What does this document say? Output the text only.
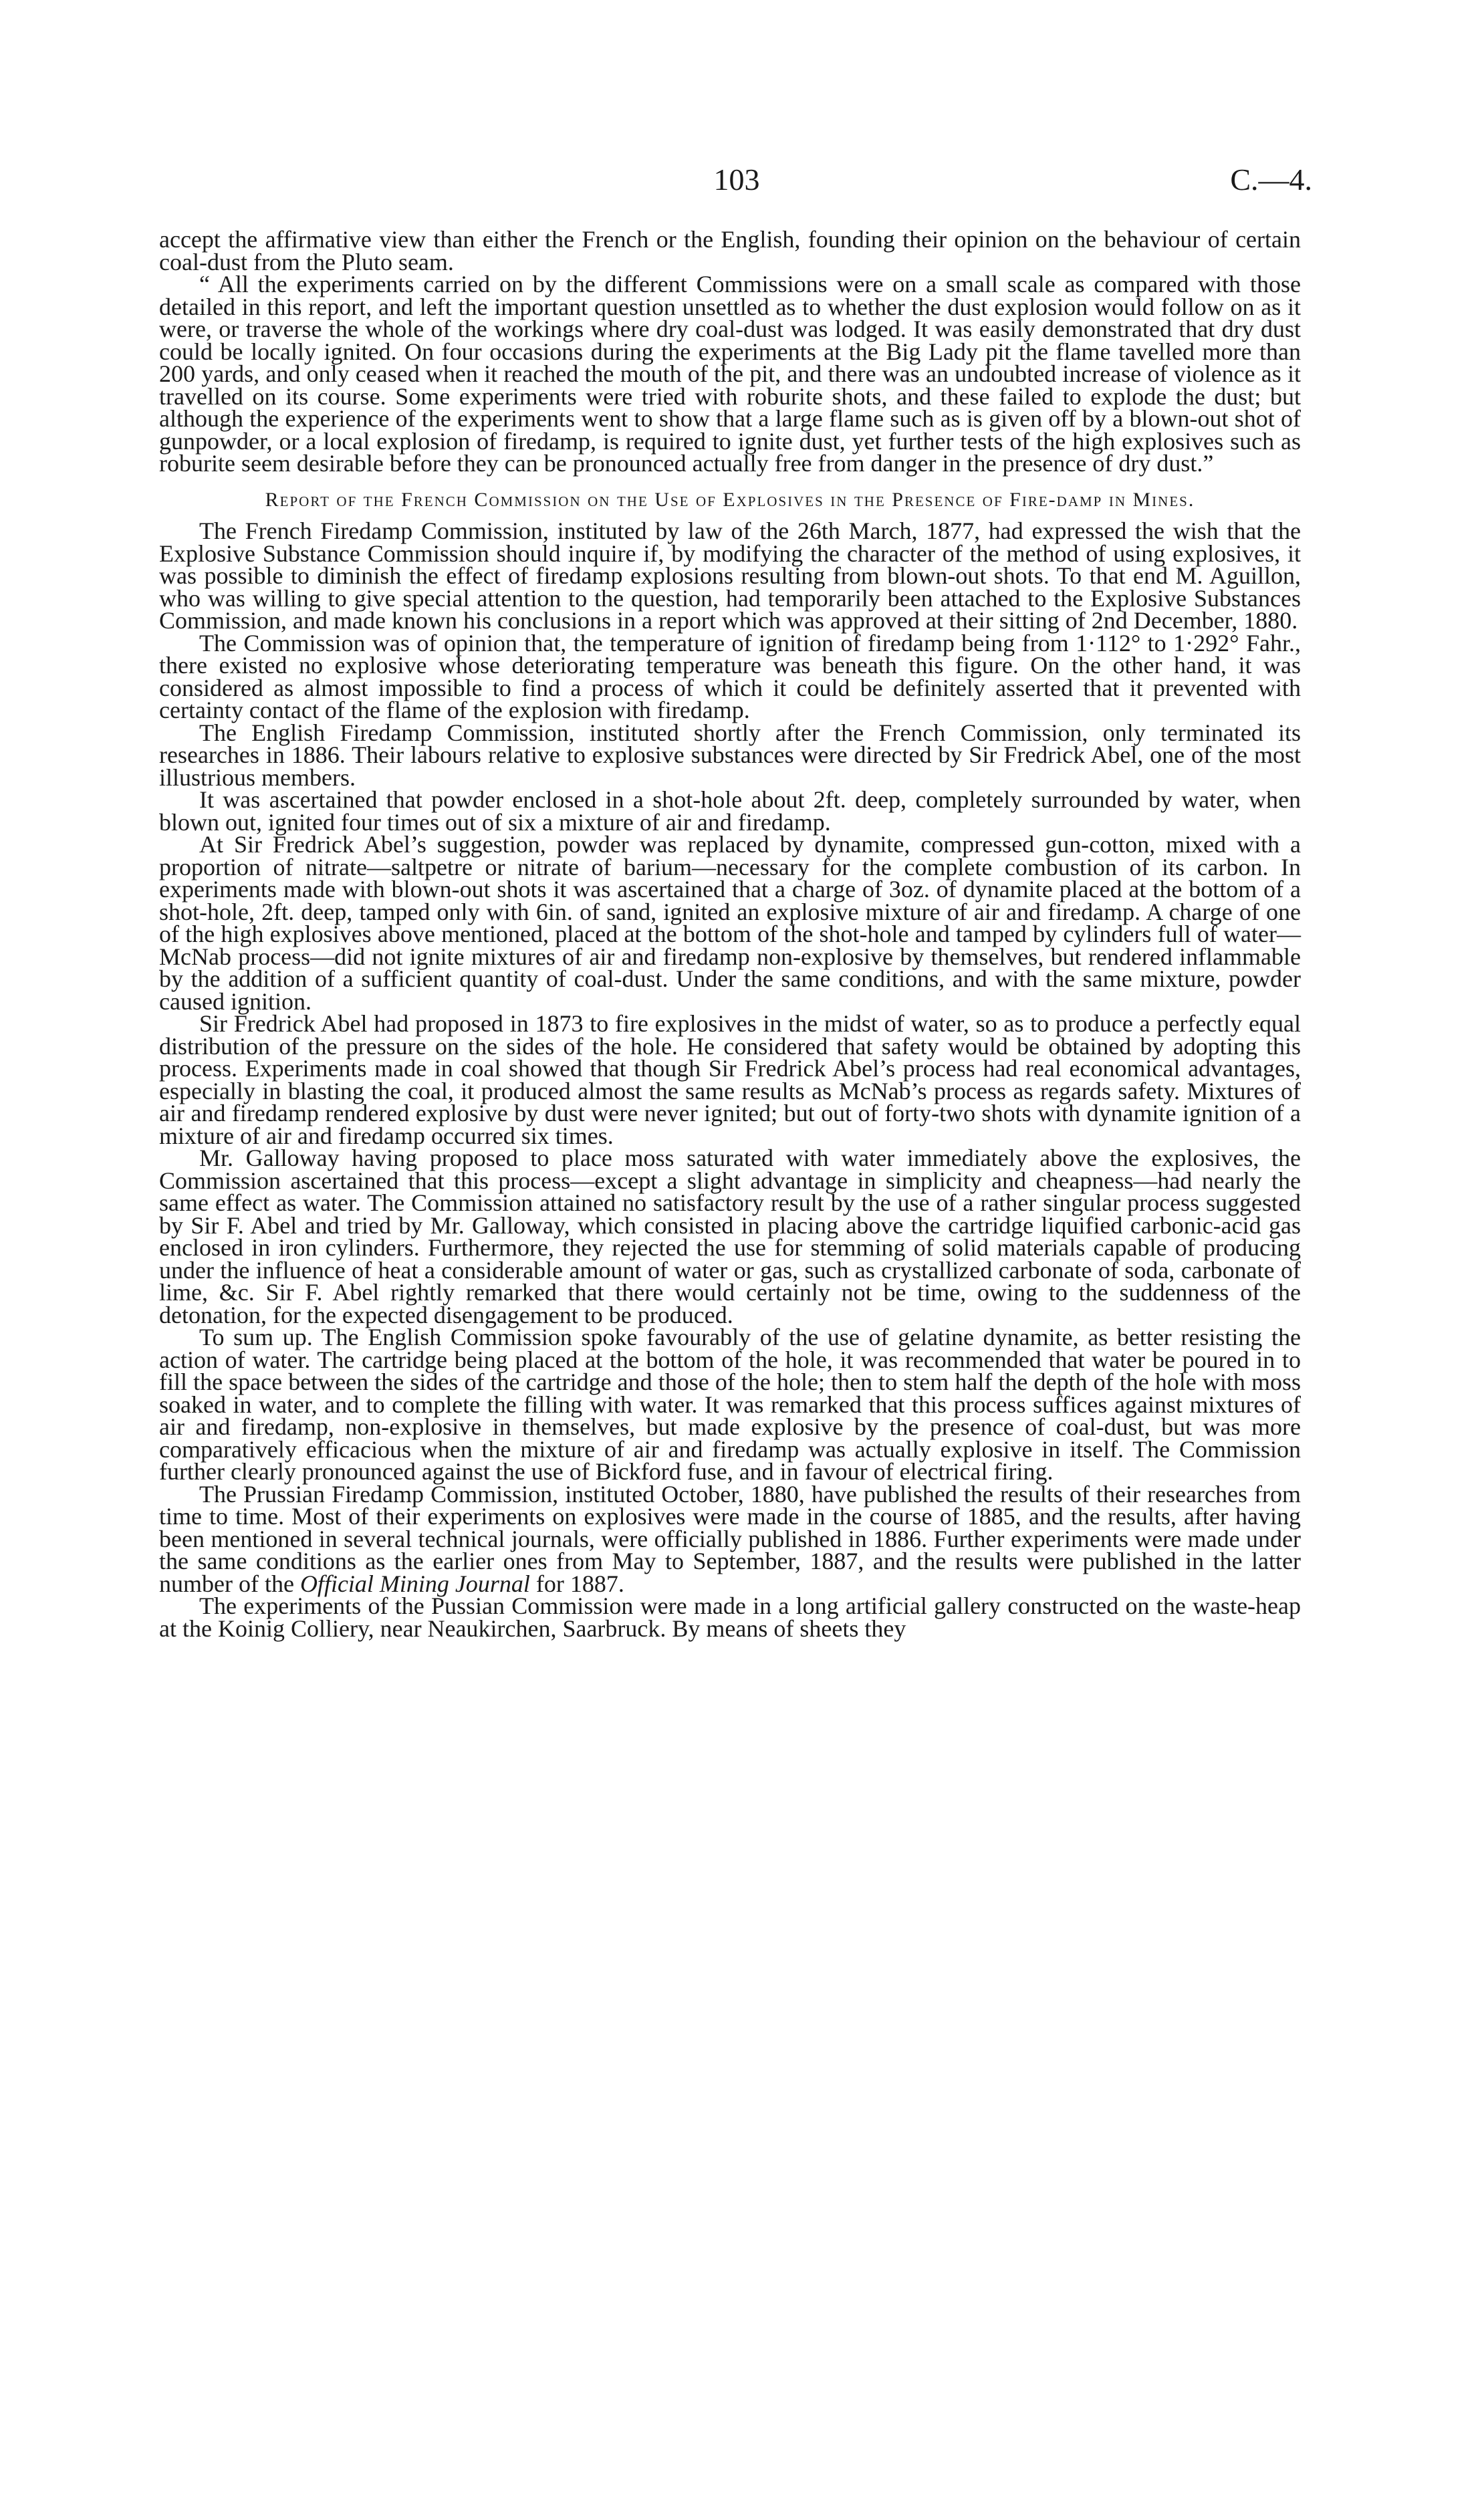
103	C.—4.

accept the affirmative view than either the French or the English, founding their opinion on the behaviour of certain coal-dust from the Pluto seam.

“ All the experiments carried on by the different Commissions were on a small scale as compared with those detailed in this report, and left the important question unsettled as to whether the dust explosion would follow on as it were, or traverse the whole of the workings where dry coal-dust was lodged. It was easily demonstrated that dry dust could be locally ignited. On four occasions during the experiments at the Big Lady pit the flame tavelled more than 200 yards, and only ceased when it reached the mouth of the pit, and there was an undoubted increase of violence as it travelled on its course. Some experiments were tried with roburite shots, and these failed to explode the dust; but although the experience of the experiments went to show that a large flame such as is given off by a blown-out shot of gunpowder, or a local explosion of firedamp, is required to ignite dust, yet further tests of the high explosives such as roburite seem desirable before they can be pronounced actually free from danger in the presence of dry dust.”

Report of the French Commission on the Use of Explosives in the Presence of Fire-damp in Mines.

The French Firedamp Commission, instituted by law of the 26th March, 1877, had expressed the wish that the Explosive Substance Commission should inquire if, by modifying the character of the method of using explosives, it was possible to diminish the effect of firedamp explosions resulting from blown-out shots. To that end M. Aguillon, who was willing to give special attention to the question, had temporarily been attached to the Explosive Substances Commission, and made known his conclusions in a report which was approved at their sitting of 2nd December, 1880.

The Commission was of opinion that, the temperature of ignition of firedamp being from 1·112° to 1·292° Fahr., there existed no explosive whose deteriorating temperature was beneath this figure. On the other hand, it was considered as almost impossible to find a process of which it could be definitely asserted that it prevented with certainty contact of the flame of the explosion with firedamp.

The English Firedamp Commission, instituted shortly after the French Commission, only terminated its researches in 1886. Their labours relative to explosive substances were directed by Sir Fredrick Abel, one of the most illustrious members.

It was ascertained that powder enclosed in a shot-hole about 2ft. deep, completely surrounded by water, when blown out, ignited four times out of six a mixture of air and firedamp.

At Sir Fredrick Abel’s suggestion, powder was replaced by dynamite, compressed gun-cotton, mixed with a proportion of nitrate—saltpetre or nitrate of barium—necessary for the complete combustion of its carbon. In experiments made with blown-out shots it was ascertained that a charge of 3oz. of dynamite placed at the bottom of a shot-hole, 2ft. deep, tamped only with 6in. of sand, ignited an explosive mixture of air and firedamp. A charge of one of the high explosives above mentioned, placed at the bottom of the shot-hole and tamped by cylinders full of water—McNab process—did not ignite mixtures of air and firedamp non-explosive by themselves, but rendered inflammable by the addition of a sufficient quantity of coal-dust. Under the same conditions, and with the same mixture, powder caused ignition.

Sir Fredrick Abel had proposed in 1873 to fire explosives in the midst of water, so as to produce a perfectly equal distribution of the pressure on the sides of the hole. He considered that safety would be obtained by adopting this process. Experiments made in coal showed that though Sir Fredrick Abel’s process had real economical advantages, especially in blasting the coal, it produced almost the same results as McNab’s process as regards safety. Mixtures of air and firedamp rendered explosive by dust were never ignited; but out of forty-two shots with dynamite ignition of a mixture of air and firedamp occurred six times.

Mr. Galloway having proposed to place moss saturated with water immediately above the explosives, the Commission ascertained that this process—except a slight advantage in simplicity and cheapness—had nearly the same effect as water. The Commission attained no satisfactory result by the use of a rather singular process suggested by Sir F. Abel and tried by Mr. Galloway, which consisted in placing above the cartridge liquified carbonic-acid gas enclosed in iron cylinders. Furthermore, they rejected the use for stemming of solid materials capable of producing under the influence of heat a considerable amount of water or gas, such as crystallized carbonate of soda, carbonate of lime, &c. Sir F. Abel rightly remarked that there would certainly not be time, owing to the suddenness of the detonation, for the expected disengagement to be produced.

To sum up. The English Commission spoke favourably of the use of gelatine dynamite, as better resisting the action of water. The cartridge being placed at the bottom of the hole, it was recommended that water be poured in to fill the space between the sides of the cartridge and those of the hole; then to stem half the depth of the hole with moss soaked in water, and to complete the filling with water. It was remarked that this process suffices against mixtures of air and firedamp, non-explosive in themselves, but made explosive by the presence of coal-dust, but was more comparatively efficacious when the mixture of air and firedamp was actually explosive in itself. The Commission further clearly pronounced against the use of Bickford fuse, and in favour of electrical firing.

The Prussian Firedamp Commission, instituted October, 1880, have published the results of their researches from time to time. Most of their experiments on explosives were made in the course of 1885, and the results, after having been mentioned in several technical journals, were officially published in 1886. Further experiments were made under the same conditions as the earlier ones from May to September, 1887, and the results were published in the latter number of the Official Mining Journal for 1887.

The experiments of the Pussian Commission were made in a long artificial gallery constructed on the waste-heap at the Koinig Colliery, near Neaukirchen, Saarbruck. By means of sheets they
